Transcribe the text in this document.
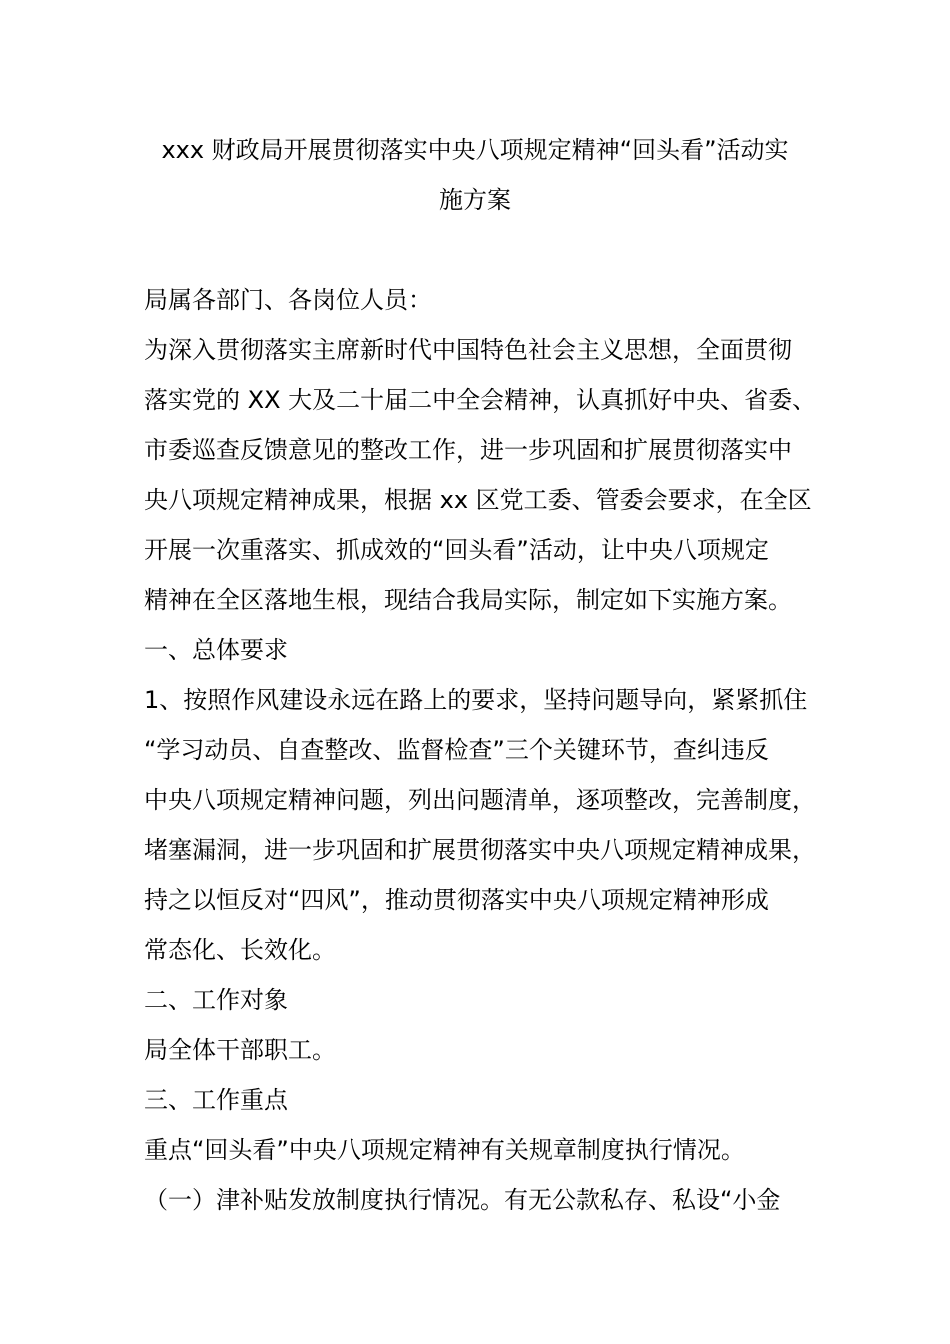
xxx 财政局开展贯彻落实中央八项规定精神“回头看”活动实
施方案
局属各部门、各岗位人员：
为深入贯彻落实主席新时代中国特色社会主义思想，全面贯彻
落实党的 XX 大及二十届二中全会精神，认真抓好中央、省委、
市委巡查反馈意见的整改工作，进一步巩固和扩展贯彻落实中
央八项规定精神成果，根据 xx 区党工委、管委会要求，在全区
开展一次重落实、抓成效的“回头看”活动，让中央八项规定
精神在全区落地生根，现结合我局实际，制定如下实施方案。
一、总体要求
1、按照作风建设永远在路上的要求，坚持问题导向，紧紧抓住
“学习动员、自查整改、监督检查”三个关键环节，查纠违反
中央八项规定精神问题，列出问题清单，逐项整改，完善制度，
堵塞漏洞，进一步巩固和扩展贯彻落实中央八项规定精神成果，
持之以恒反对“四风”，推动贯彻落实中央八项规定精神形成
常态化、长效化。
二、工作对象
局全体干部职工。
三、工作重点
重点“回头看”中央八项规定精神有关规章制度执行情况。
（一）津补贴发放制度执行情况。有无公款私存、私设“小金
